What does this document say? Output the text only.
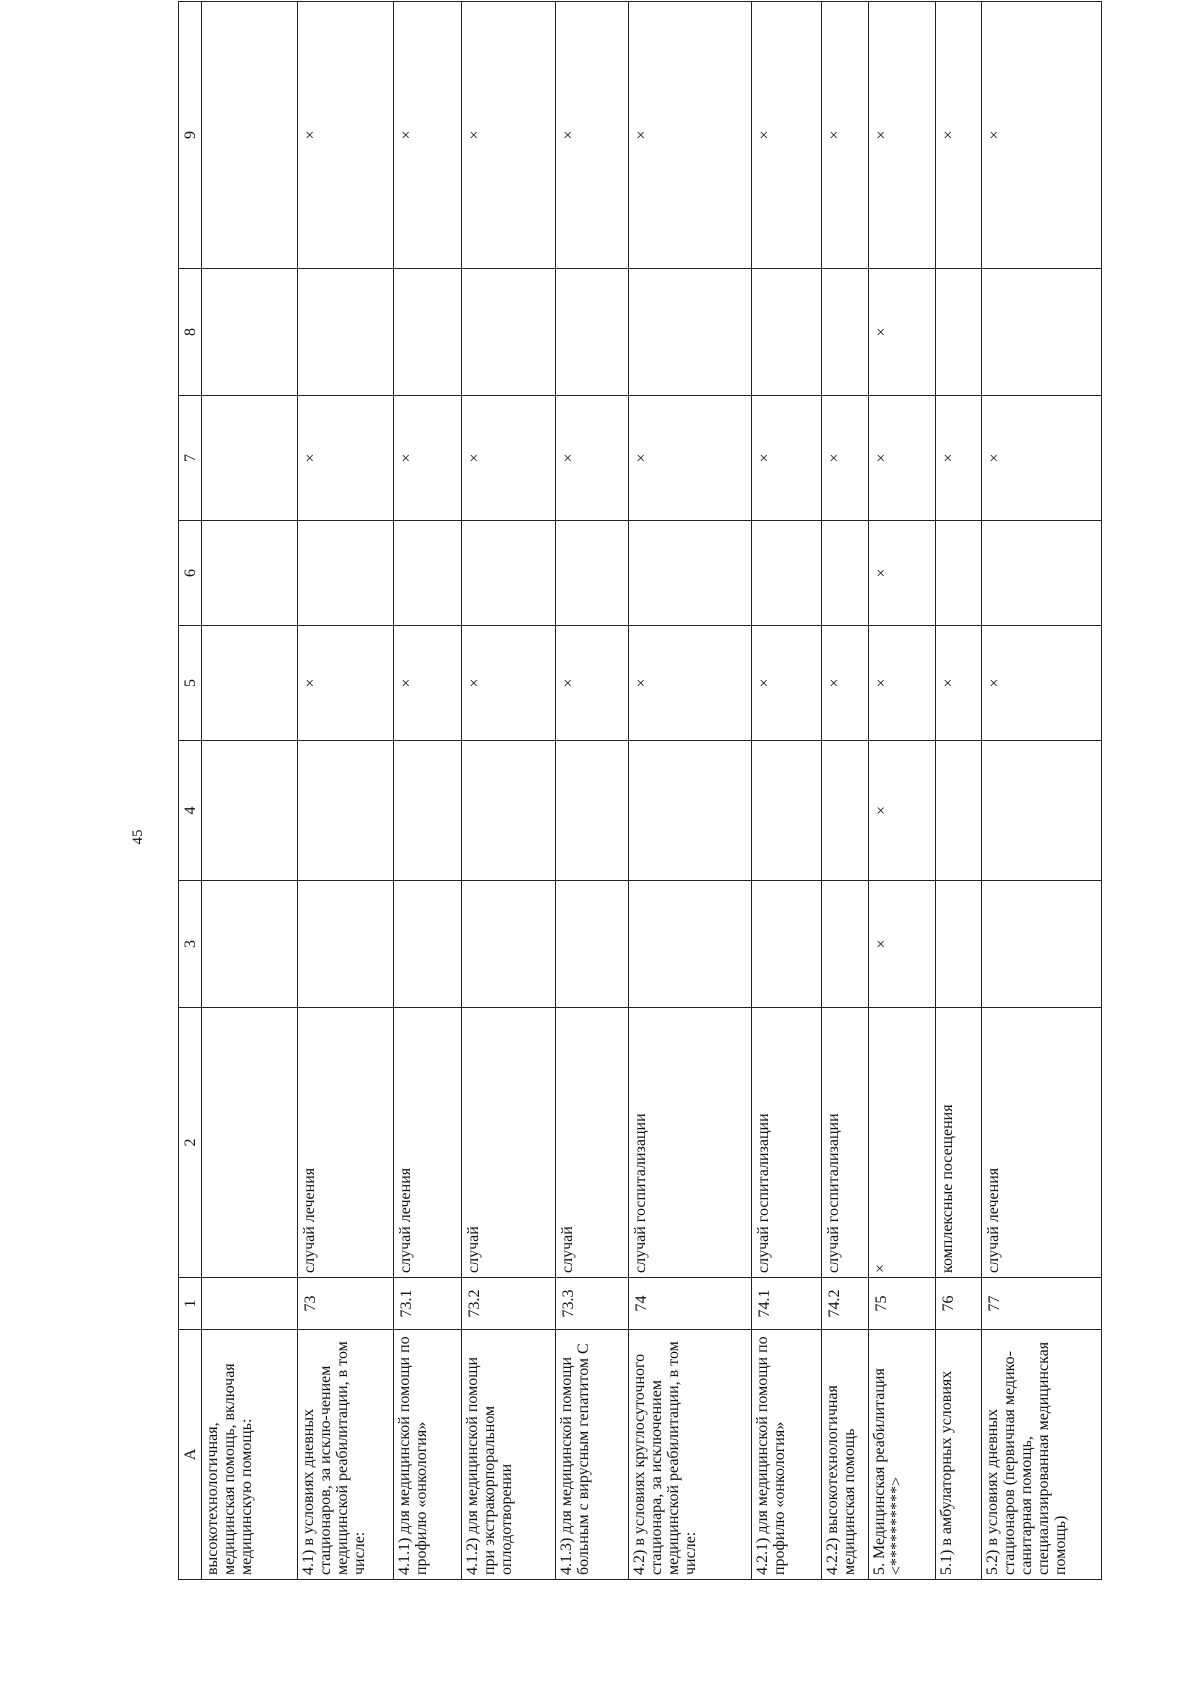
45
A	1	2	3	4	5	6	7	8	9
высокотехнологичная, медицинская помощь, включая медицинскую помощь:									
4.1) в условиях дневных стационаров, за исклю-чением медицинской реабилитации, в том числе:	73	случай лечения			×		×		×
4.1.1) для медицинской помощи по профилю «онкология»	73.1	случай лечения			×		×		×
4.1.2) для медицинской помощи при экстракорпоральном оплодотворении	73.2	случай			×		×		×
4.1.3) для медицинской помощи больным с вирусным гепатитом С	73.3	случай			×		×		×
4.2) в условиях круглосуточного стационара, за исключением медицинской реабилитации, в том числе:	74	случай госпитализации			×		×		×
4.2.1) для медицинской помощи по профилю «онкология»	74.1	случай госпитализации			×		×		×
4.2.2) высокотехнологичная медицинская помощь	74.2	случай госпитализации			×		×		×
5. Медицинская реабилитация <**********>	75	×	×	×	×	×	×	×	×
5.1) в амбулаторных условиях	76	комплексные посещения			×		×		×
5.2) в условиях дневных стационаров (первичная медико-санитарная помощь, специализированная медицинская помощь)	77	случай лечения			×		×		×
